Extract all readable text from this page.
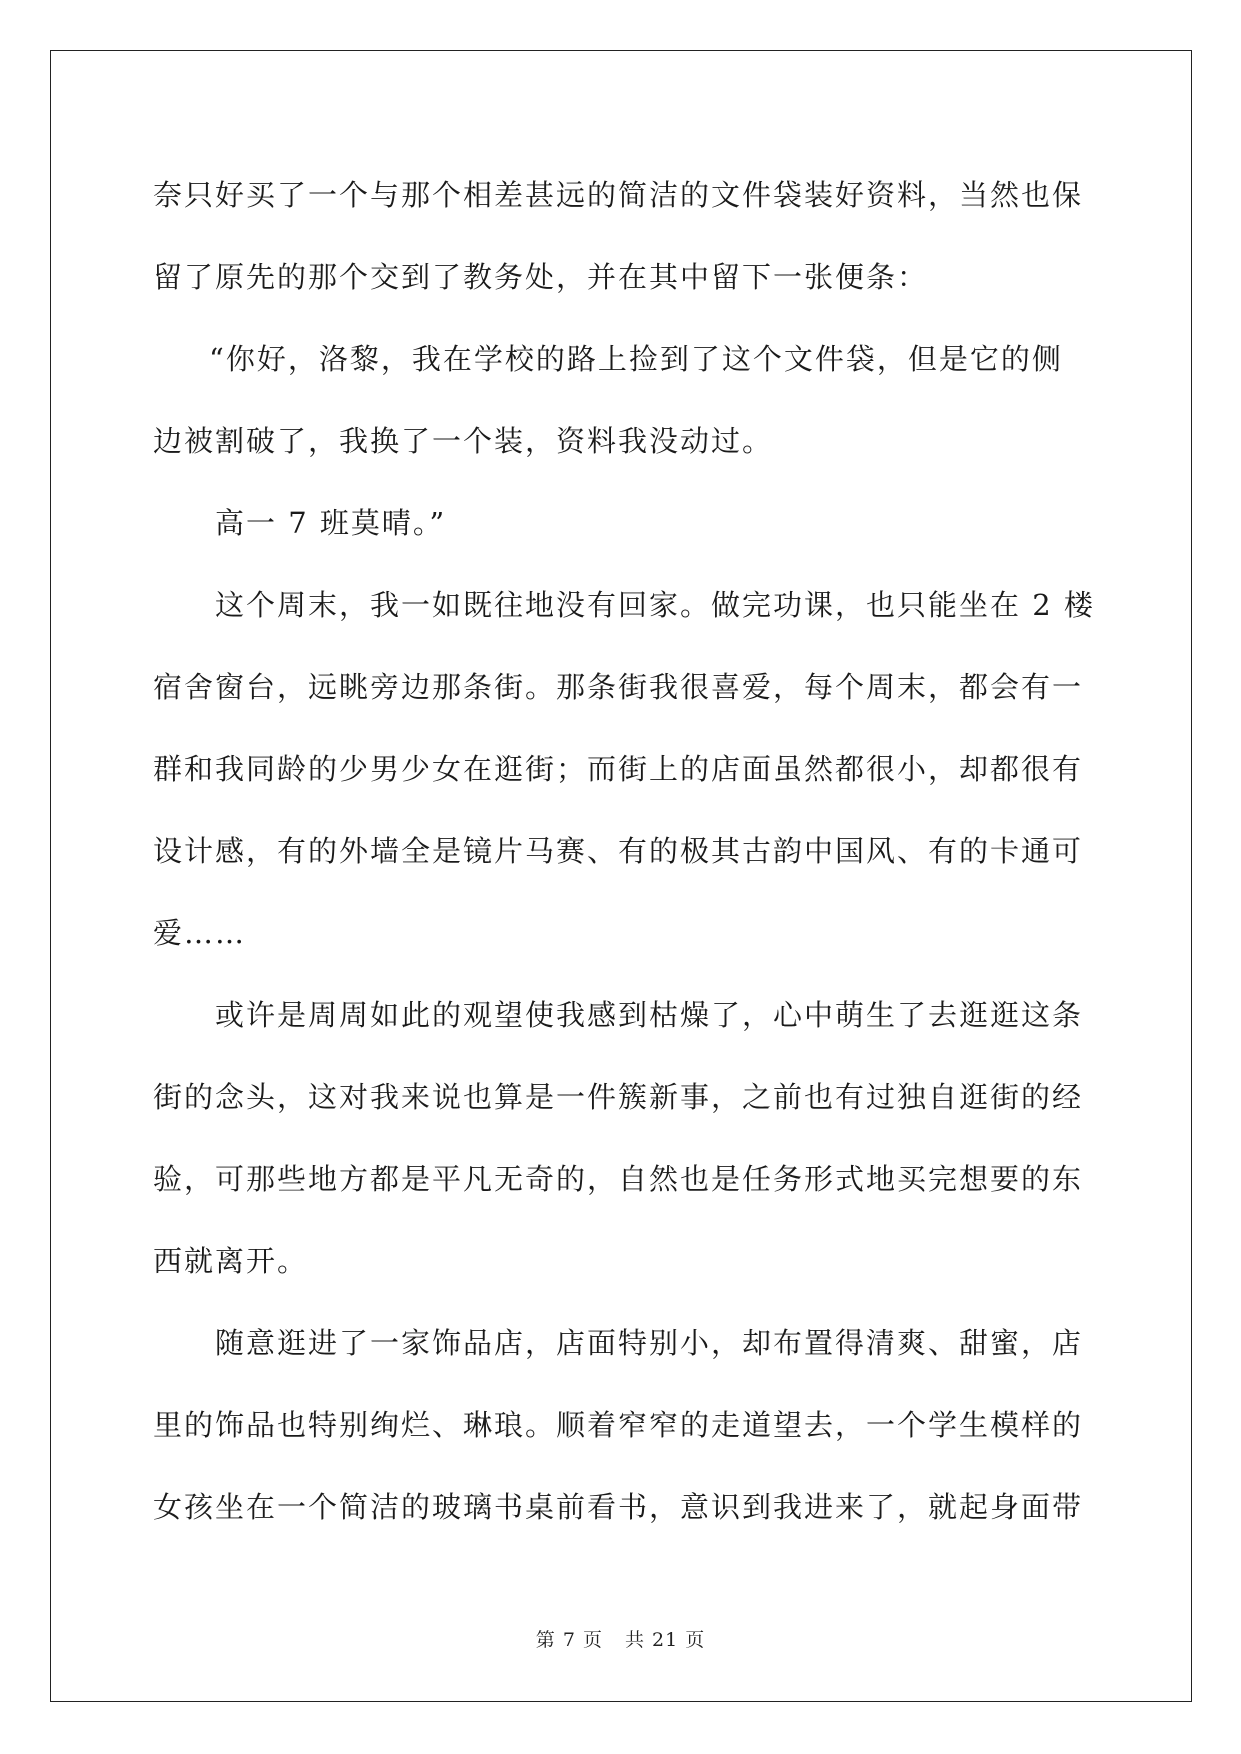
奈只好买了一个与那个相差甚远的简洁的文件袋装好资料，当然也保
留了原先的那个交到了教务处，并在其中留下一张便条：
“你好，洛黎，我在学校的路上捡到了这个文件袋，但是它的侧
边被割破了，我换了一个装，资料我没动过。
高一 7 班莫晴。”
这个周末，我一如既往地没有回家。做完功课，也只能坐在 2 楼
宿舍窗台，远眺旁边那条街。那条街我很喜爱，每个周末，都会有一
群和我同龄的少男少女在逛街；而街上的店面虽然都很小，却都很有
设计感，有的外墙全是镜片马赛、有的极其古韵中国风、有的卡通可
爱……
或许是周周如此的观望使我感到枯燥了，心中萌生了去逛逛这条
街的念头，这对我来说也算是一件簇新事，之前也有过独自逛街的经
验，可那些地方都是平凡无奇的，自然也是任务形式地买完想要的东
西就离开。
随意逛进了一家饰品店，店面特别小，却布置得清爽、甜蜜，店
里的饰品也特别绚烂、琳琅。顺着窄窄的走道望去，一个学生模样的
女孩坐在一个简洁的玻璃书桌前看书，意识到我进来了，就起身面带
第 7 页 共 21 页
